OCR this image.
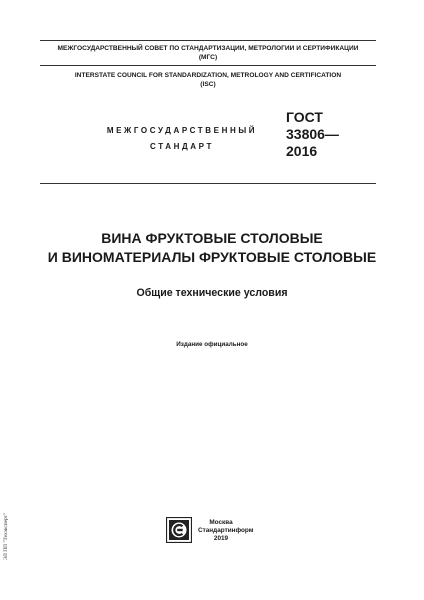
МЕЖГОСУДАРСТВЕННЫЙ СОВЕТ ПО СТАНДАРТИЗАЦИИ, МЕТРОЛОГИИ И СЕРТИФИКАЦИИ
(МГС)
INTERSTATE COUNCIL FOR STANDARDIZATION, METROLOGY AND CERTIFICATION
(ISC)
МЕЖГОСУДАРСТВЕННЫЙ
СТАНДАРТ
ГОСТ
33806—
2016
ВИНА ФРУКТОВЫЕ СТОЛОВЫЕ
И ВИНОМАТЕРИАЛЫ ФРУКТОВЫЕ СТОЛОВЫЕ
Общие технические условия
Издание официальное
Москва
Стандартинформ
2019
ЭЛ ПП "Техэксперт"
